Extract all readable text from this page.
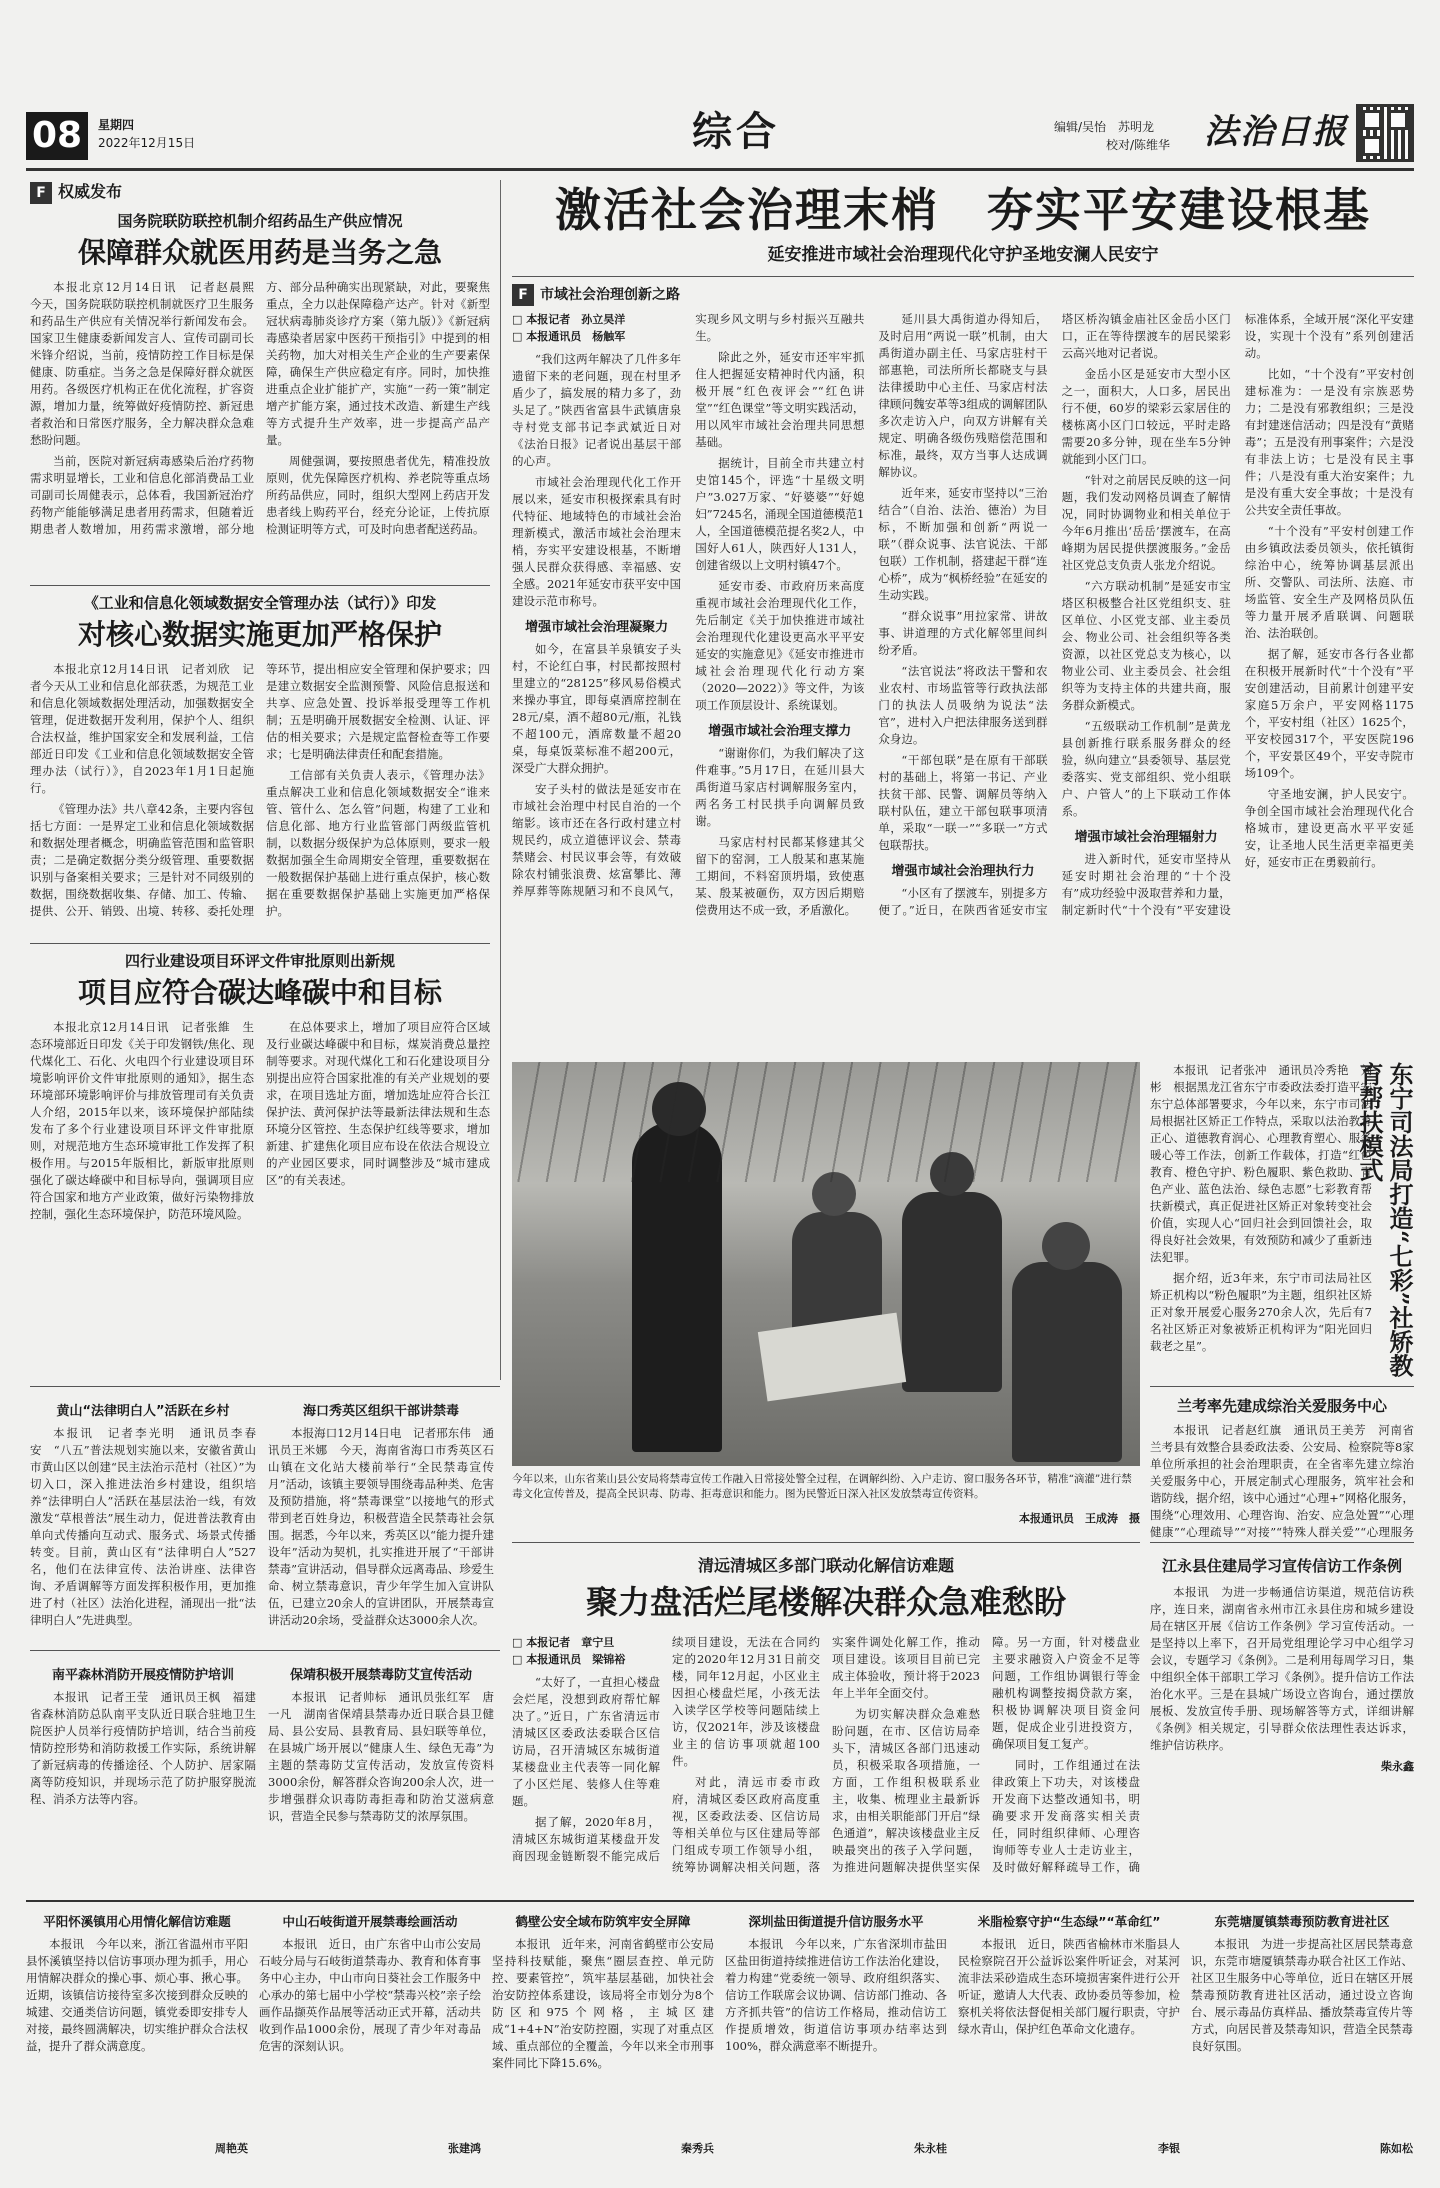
08	星期四
2022年12月15日	综合	编辑/吴怡　苏明龙
校对/陈维华 法治日报
F 权威发布
国务院联防联控机制介绍药品生产供应情况
保障群众就医用药是当务之急

本报北京12月14日讯　记者赵晨熙　今天，国务院联防联控机制就医疗卫生服务和药品生产供应有关情况举行新闻发布会。国家卫生健康委新闻发言人、宣传司副司长米锋介绍说，当前，疫情防控工作目标是保健康、防重症。当务之急是保障好群众就医用药。各级医疗机构正在优化流程，扩容资源，增加力量，统筹做好疫情防控、新冠患者救治和日常医疗服务，全力解决群众急难愁盼问题。

当前，医院对新冠病毒感染后治疗药物需求明显增长，工业和信息化部消费品工业司副司长周健表示，总体看，我国新冠治疗药物产能能够满足患者用药需求，但随着近期患者人数增加，用药需求激增，部分地方、部分品种确实出现紧缺，对此，要聚焦重点，全力以赴保障稳产达产。针对《新型冠状病毒肺炎诊疗方案（第九版）》《新冠病毒感染者居家中医药干预指引》中提到的相关药物，加大对相关生产企业的生产要素保障，确保生产供应稳定有序。同时，加快推进重点企业扩能扩产，实施“一药一策”制定增产扩能方案，通过技术改造、新建生产线等方式提升生产效率，进一步提高产品产量。

周健强调，要按照患者优先，精准投放原则，优先保障医疗机构、养老院等重点场所药品供应，同时，组织大型网上药店开发患者线上购药平台，经充分论证，上传抗原检测证明等方式，可及时向患者配送药品。

《工业和信息化领域数据安全管理办法（试行）》印发
对核心数据实施更加严格保护

本报北京12月14日讯　记者刘欣　记者今天从工业和信息化部获悉，为规范工业和信息化领域数据处理活动，加强数据安全管理，促进数据开发利用，保护个人、组织合法权益，维护国家安全和发展利益，工信部近日印发《工业和信息化领域数据安全管理办法（试行）》，自2023年1月1日起施行。

《管理办法》共八章42条，主要内容包括七方面：一是界定工业和信息化领域数据和数据处理者概念，明确监管范围和监管职责；二是确定数据分类分级管理、重要数据识别与备案相关要求；三是针对不同级别的数据，围绕数据收集、存储、加工、传输、提供、公开、销毁、出境、转移、委托处理等环节，提出相应安全管理和保护要求；四是建立数据安全监测预警、风险信息报送和共享、应急处置、投诉举报受理等工作机制；五是明确开展数据安全检测、认证、评估的相关要求；六是规定监督检查等工作要求；七是明确法律责任和配套措施。

工信部有关负责人表示，《管理办法》重点解决工业和信息化领域数据安全“谁来管、管什么、怎么管”问题，构建了工业和信息化部、地方行业监管部门两级监管机制，以数据分级保护为总体原则，要求一般数据加强全生命周期安全管理，重要数据在一般数据保护基础上进行重点保护，核心数据在重要数据保护基础上实施更加严格保护。

四行业建设项目环评文件审批原则出新规
项目应符合碳达峰碳中和目标

本报北京12月14日讯　记者张維　生态环境部近日印发《关于印发钢铁/焦化、现代煤化工、石化、火电四个行业建设项目环境影响评价文件审批原则的通知》，据生态环境部环境影响评价与排放管理司有关负责人介绍，2015年以来，该环境保护部陆续发布了多个行业建设项目环评文件审批原则，对规范地方生态环境审批工作发挥了积极作用。与2015年版相比，新版审批原则强化了碳达峰碳中和目标导向，强调项目应符合国家和地方产业政策，做好污染物排放控制，强化生态环境保护，防范环境风险。

在总体要求上，增加了项目应符合区域及行业碳达峰碳中和目标，煤炭消费总量控制等要求。对现代煤化工和石化建设项目分别提出应符合国家批准的有关产业规划的要求，在项目选址方面，增加选址应符合长江保护法、黄河保护法等最新法律法规和生态环境分区管控、生态保护红线等要求，增加新建、扩建焦化项目应布设在依法合规设立的产业园区要求，同时调整涉及“城市建成区”的有关表述。

激活社会治理末梢　夯实平安建设根基
延安推进市域社会治理现代化守护圣地安澜人民安宁
F 市域社会治理创新之路
□ 本报记者　孙立昊洋
□ 本报通讯员　杨触军

“我们这两年解决了几件多年遗留下来的老问题，现在村里矛盾少了，搞发展的精力多了，劲头足了。”陕西省富县牛武镇唐泉寺村党支部书记李武斌近日对《法治日报》记者说出基层干部的心声。

市域社会治理现代化工作开展以来，延安市积极探索具有时代特征、地域特色的市域社会治理新模式，激活市域社会治理末梢，夯实平安建设根基，不断增强人民群众获得感、幸福感、安全感。2021年延安市获平安中国建设示范市称号。

增强市域社会治理凝聚力

如今，在富县羊泉镇安子头村，不论红白事，村民都按照村里建立的“28125”移风易俗模式来操办事宜，即每桌酒席控制在28元/桌，酒不超80元/瓶，礼钱不超100元，酒席数量不超20桌，每桌饭菜标准不超200元，深受广大群众拥护。

安子头村的做法是延安市在市域社会治理中村民自治的一个缩影。该市还在各行政村建立村规民约，成立道德评议会、禁毒禁赌会、村民议事会等，有效破除农村铺张浪费、炫富攀比、薄养厚葬等陈规陋习和不良风气，实现乡风文明与乡村振兴互融共生。

除此之外，延安市还牢牢抓住人把握延安精神时代内涵，积极开展“红色夜评会”“红色讲堂”“红色课堂”等文明实践活动，用以风牢市域社会治理共同思想基础。

据统计，目前全市共建立村史馆145个，评选“十星级文明户”3.027万家、“好婆婆”“好媳妇”7245名，涌现全国道德模范1人，全国道德模范提名奖2人，中国好人61人，陕西好人131人，创建省级以上文明村镇47个。

延安市委、市政府历来高度重视市域社会治理现代化工作，先后制定《关于加快推进市域社会治理现代化建设更高水平平安延安的实施意见》《延安市推进市域社会治理现代化行动方案（2020—2022）》等文件，为该项工作顶层设计、系统谋划。

增强市域社会治理支撑力

“谢谢你们，为我们解决了这件难事。”5月17日，在延川县大禹街道马家店村调解服务室内，两名务工村民拱手向调解员致谢。

马家店村村民都某修建其父留下的窑洞，工人殷某和惠某施工期间，不料窑顶坍塌，致使惠某、殷某被砸伤，双方因后期赔偿费用达不成一致，矛盾激化。

延川县大禹街道办得知后，及时启用“两说一联”机制，由大禹街道办副主任、马家店驻村干部惠艳，司法所所长都晓支与县法律援助中心主任、马家店村法律顾问魏安革等3组成的调解团队多次走访入户，向双方讲解有关规定、明确各级伤残赔偿范围和标准，最终，双方当事人达成调解协议。

近年来，延安市坚持以“三治结合”（自治、法治、德治）为目标，不断加强和创新“两说一联”（群众说事、法官说法、干部包联）工作机制，搭建起干群“连心桥”，成为“枫桥经验”在延安的生动实践。

“群众说事”用拉家常、讲故事、讲道理的方式化解邻里间纠纷矛盾。

“法官说法”将政法干警和农业农村、市场监管等行政执法部门的执法人员吸纳为说法“法官”，进村入户把法律服务送到群众身边。

“干部包联”是在原有干部联村的基础上，将第一书记、产业扶贫干部、民警、调解员等纳入联村队伍，建立干部包联事项清单，采取“一联一”“多联一”方式包联帮扶。

增强市域社会治理执行力

“小区有了摆渡车，别提多方便了。”近日，在陕西省延安市宝塔区桥沟镇金庙社区金岳小区门口，正在等待摆渡车的居民梁彩云高兴地对记者说。

金岳小区是延安市大型小区之一，面积大，人口多，居民出行不便，60岁的梁彩云家居住的楼栋离小区门口较远，平时走路需要20多分钟，现在坐车5分钟就能到小区门口。

“针对之前居民反映的这一问题，我们发动网格员调查了解情况，同时协调物业和相关单位于今年6月推出‘岳岳’摆渡车，在高峰期为居民提供摆渡服务。”金岳社区党总支负责人张龙介绍说。

“六方联动机制”是延安市宝塔区积极整合社区党组织支、驻区单位、小区党支部、业主委员会、物业公司、社会组织等各类资源，以社区党总支为核心，以物业公司、业主委员会、社会组织等为支持主体的共建共商，服务群众新模式。

“五级联动工作机制”是黄龙县创新推行联系服务群众的经验，纵向建立“县委领导、基层党委落实、党支部组织、党小组联户、户管人”的上下联动工作体系。

增强市域社会治理辐射力

进入新时代，延安市坚持从延安时期社会治理的“十个没有”成功经验中汲取营养和力量，制定新时代“十个没有”平安建设标准体系，全域开展“深化平安建设，实现十个没有”系列创建活动。

比如，“十个没有”平安村创建标准为：一是没有宗族恶势力；二是没有邪教组织；三是没有封建迷信活动；四是没有“黄赌毒”；五是没有刑事案件；六是没有非法上访；七是没有民主事件；八是没有重大治安案件；九是没有重大安全事故；十是没有公共安全责任事故。

“十个没有”平安村创建工作由乡镇政法委员领头，依托镇街综治中心，统筹协调基层派出所、交警队、司法所、法庭、市场监管、安全生产及网格员队伍等力量开展矛盾联调、问题联治、法治联创。

据了解，延安市各行各业都在积极开展新时代“十个没有”平安创建活动，目前累计创建平安家庭5万余户，平安网格1175个，平安村组（社区）1625个，平安校园317个，平安医院196个，平安景区49个，平安寺院市场109个。

守圣地安澜，护人民安宁。争创全国市域社会治理现代化合格城市，建设更高水平平安延安，让圣地人民生活更幸福更美好，延安市正在勇毅前行。

今年以来，山东省莱山县公安局将禁毒宣传工作融入日常接处警全过程，在调解纠纷、入户走访、窗口服务各环节，精准“滴灌”进行禁毒文化宣传普及，提高全民识毒、防毒、拒毒意识和能力。图为民警近日深入社区发放禁毒宣传资料。
本报通讯员　王成涛　摄
东宁司法局打造“七彩”社矫教育帮扶模式

本报讯　记者张冲　通讯员冷秀艳　刘彬　根据黑龙江省东宁市委政法委打造平安东宁总体部署要求，今年以来，东宁市司法局根据社区矫正工作特点，采取以法治教育正心、道德教育润心、心理教育塑心、服务暖心等工作法，创新工作载体，打造“红色教育、橙色守护、粉色履职、紫色救助、青色产业、蓝色法治、绿色志愿”七彩教育帮扶新模式，真正促进社区矫正对象转变社会价值，实现人心“回归社会到回馈社会，取得良好社会效果，有效预防和减少了重新违法犯罪。

据介绍，近3年来，东宁市司法局社区矫正机构以“粉色履职”为主题，组织社区矫正对象开展爱心服务270余人次，先后有7名社区矫正对象被矫正机构评为“阳光回归载老之星”。

兰考率先建成综治关爱服务中心

本报讯　记者赵红旗　通讯员王美芳　河南省兰考县有效整合县委政法委、公安局、检察院等8家单位所承担的社会治理职责，在全省率先建立综治关爱服务中心，开展定制式心理服务，筑牢社会和谐防线，据介绍，该中心通过“心理+”网格化服务，围绕“心理效用、心理咨询、治安、应急处置”“心理健康”“心理疏导”“对接”“特殊人群关爱”“心理服务

清远清城区多部门联动化解信访难题
聚力盘活烂尾楼解决群众急难愁盼
□ 本报记者　章宁旦
□ 本报通讯员　梁锦裕

“太好了，一直担心楼盘会烂尾，没想到政府帮忙解决了。”近日，广东省清远市清城区区委政法委联合区信访局，召开清城区东城街道某楼盘业主代表等一同化解了小区烂尾、装修人住等难题。

据了解，2020年8月，清城区东城街道某楼盘开发商因现金链断裂不能完成后续项目建设，无法在合同约定的2020年12月31日前交楼，同年12月起，小区业主因担心楼盘烂尾，小孩无法入读学区学校等问题陆续上访，仅2021年，涉及该楼盘业主的信访事项就超100件。

对此，清远市委市政府，清城区委区政府高度重视，区委政法委、区信访局等相关单位与区住建局等部门组成专项工作领导小组，统筹协调解决相关问题，落实案件调处化解工作，推动项目建设。该项目目前已完成主体验收，预计将于2023年上半年全面交付。

为切实解决群众急难愁盼问题，在市、区信访局牵头下，清城区各部门迅速动员，积极采取各项措施，一方面，工作组积极联系业主，收集、梳理业主最新诉求，由相关职能部门开启“绿色通道”，解决该楼盘业主反映最突出的孩子入学问题，为推进问题解决提供坚实保障。另一方面，针对楼盘业主要求融资入户资金不足等问题，工作组协调银行等金融机构调整按揭贷款方案，积极协调解决项目资金问题，促成企业引进投资方，确保项目复工复产。

同时，工作组通过在法律政策上下功夫，对该楼盘开发商下达整改通知书，明确要求开发商落实相关责任，同时组织律师、心理咨询师等专业人士走访业主，及时做好解释疏导工作，确

江永县住建局学习宣传信访工作条例

本报讯　为进一步畅通信访渠道，规范信访秩序，连日来，湖南省永州市江永县住房和城乡建设局在辖区开展《信访工作条例》学习宣传活动。一是坚持以上率下，召开局党组理论学习中心组学习会议，专题学习《条例》。二是利用每周学习日，集中组织全体干部职工学习《条例》。提升信访工作法治化水平。三是在县城广场设立咨询台，通过摆放展板、发放宣传手册、现场解答等方式，详细讲解《条例》相关规定，引导群众依法理性表达诉求，维护信访秩序。

柴永鑫
黄山“法律明白人”活跃在乡村

本报讯　记者李光明　通讯员李春安　“八五”普法规划实施以来，安徽省黄山市黄山区以创建“民主法治示范村（社区）”为切入口，深入推进法治乡村建设，组织培养“法律明白人”活跃在基层法治一线，有效激发“草根普法”展生动力，促进普法教育由单向式传播向互动式、服务式、场景式传播转变。目前，黄山区有“法律明白人”527名，他们在法律宣传、法治讲座、法律咨询、矛盾调解等方面发挥积极作用，更加推进了村（社区）法治化进程，涌现出一批“法律明白人”先进典型。

海口秀英区组织干部讲禁毒

本报海口12月14日电　记者邢东伟　通讯员王米娜　今天，海南省海口市秀英区石山镇在文化站大楼前举行“全民禁毒宣传月”活动，该镇主要领导围绕毒品种类、危害及预防措施，将“禁毒课堂”以接地气的形式带到老百姓身边，积极营造全民禁毒社会氛围。据悉，今年以来，秀英区以“能力提升建设年”活动为契机，扎实推进开展了“干部讲禁毒”宣讲活动，倡导群众远离毒品、珍爱生命、树立禁毒意识，青少年学生加入宣讲队伍，已建立20余人的宣讲团队，开展禁毒宣讲活动20余场，受益群众达3000余人次。

南平森林消防开展疫情防护培训

本报讯　记者王莹　通讯员王枫　福建省森林消防总队南平支队近日联合驻地卫生院医护人员举行疫情防护培训，结合当前疫情防控形势和消防救援工作实际，系统讲解了新冠病毒的传播途径、个人防护、居家隔离等防疫知识，并现场示范了防护服穿脱流程、消杀方法等内容。

保靖积极开展禁毒防艾宣传活动

本报讯　记者帅标　通讯员张红军　唐一凡　湖南省保靖县禁毒办近日联合县卫健局、县公安局、县教育局、县妇联等单位，在县城广场开展以“健康人生、绿色无毒”为主题的禁毒防艾宣传活动，发放宣传资料3000余份，解答群众咨询200余人次，进一步增强群众识毒防毒拒毒和防治艾滋病意识，营造全民参与禁毒防艾的浓厚氛围。

平阳怀溪镇用心用情化解信访难题

本报讯　今年以来，浙江省温州市平阳县怀溪镇坚持以信访事项办理为抓手，用心用情解决群众的操心事、烦心事、揪心事。近期，该镇信访接待室多次接到群众反映的城建、交通类信访问题，镇党委即安排专人对接，最终圆满解决，切实维护群众合法权益，提升了群众满意度。

周艳英
中山石岐街道开展禁毒绘画活动

本报讯　近日，由广东省中山市公安局石岐分局与石岐街道禁毒办、教育和体育事务中心主办，中山市向日葵社会工作服务中心承办的第七届中小学校“禁毒兴校”亲子绘画作品撷英作品展等活动正式开幕，活动共收到作品1000余份，展现了青少年对毒品危害的深刻认识。

张建鸿
鹤壁公安全域布防筑牢安全屏障

本报讯　近年来，河南省鹤壁市公安局坚持科技赋能，聚焦“圈层查控、单元防控、要素管控”，筑牢基层基础，加快社会治安防控体系建设，该局将全市划分为8个防区和975个网格，主城区建成“1+4+N”治安防控圈，实现了对重点区域、重点部位的全覆盖，今年以来全市刑事案件同比下降15.6%。

秦秀兵
深圳盐田街道提升信访服务水平

本报讯　今年以来，广东省深圳市盐田区盐田街道持续推进信访工作法治化建设，着力构建“党委统一领导、政府组织落实、信访工作联席会议协调、信访部门推动、各方齐抓共管”的信访工作格局，推动信访工作提质增效，街道信访事项办结率达到100%，群众满意率不断提升。

朱永桂
米脂检察守护“生态绿”“革命红”

本报讯　近日，陕西省榆林市米脂县人民检察院召开公益诉讼案件听证会，对某河流非法采砂造成生态环境损害案件进行公开听证，邀请人大代表、政协委员等参加，检察机关将依法督促相关部门履行职责，守护绿水青山，保护红色革命文化遗存。

李银
东莞塘厦镇禁毒预防教育进社区

本报讯　为进一步提高社区居民禁毒意识，东莞市塘厦镇禁毒办联合社区工作站、社区卫生服务中心等单位，近日在辖区开展禁毒预防教育进社区活动，通过设立咨询台、展示毒品仿真样品、播放禁毒宣传片等方式，向居民普及禁毒知识，营造全民禁毒良好氛围。

陈如松
